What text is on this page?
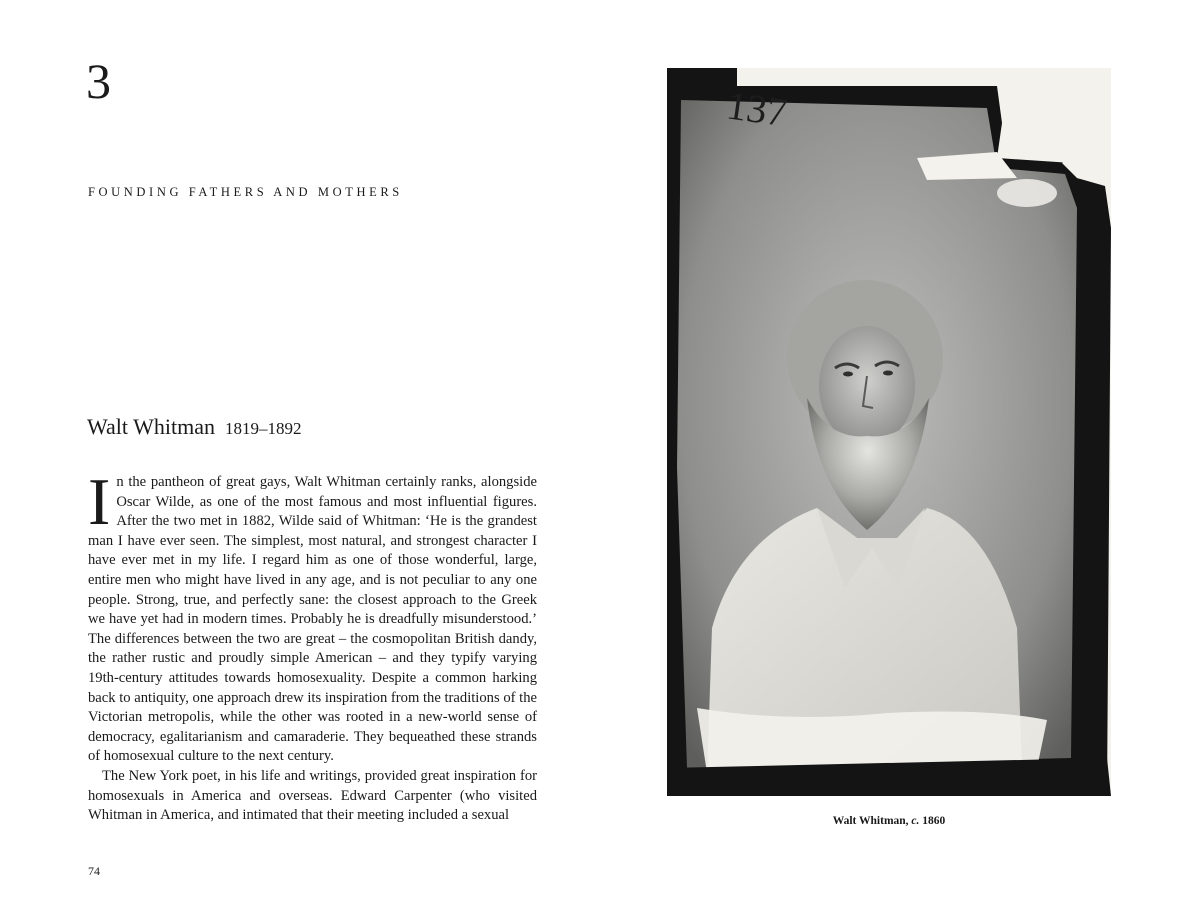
3
FOUNDING FATHERS AND MOTHERS
Walt Whitman 1819–1892

In the pantheon of great gays, Walt Whitman certainly ranks, alongside Oscar Wilde, as one of the most famous and most influential figures. After the two met in 1882, Wilde said of Whitman: ‘He is the grandest man I have ever seen. The simplest, most natural, and strongest character I have ever met in my life. I regard him as one of those wonderful, large, entire men who might have lived in any age, and is not peculiar to any one people. Strong, true, and perfectly sane: the closest approach to the Greek we have yet had in modern times. Probably he is dreadfully misunderstood.’ The differences between the two are great – the cosmopolitan British dandy, the rather rustic and proudly simple American – and they typify varying 19th-century attitudes towards homosexuality. Despite a common harking back to antiquity, one approach drew its inspiration from the traditions of the Victorian metropolis, while the other was rooted in a new-world sense of democracy, egalitarianism and camaraderie. They bequeathed these strands of homosexual culture to the next century.

The New York poet, in his life and writings, provided great inspiration for homosexuals in America and overseas. Edward Carpenter (who visited Whitman in America, and intimated that their meeting included a sexual

74
137
Walt Whitman, c. 1860
